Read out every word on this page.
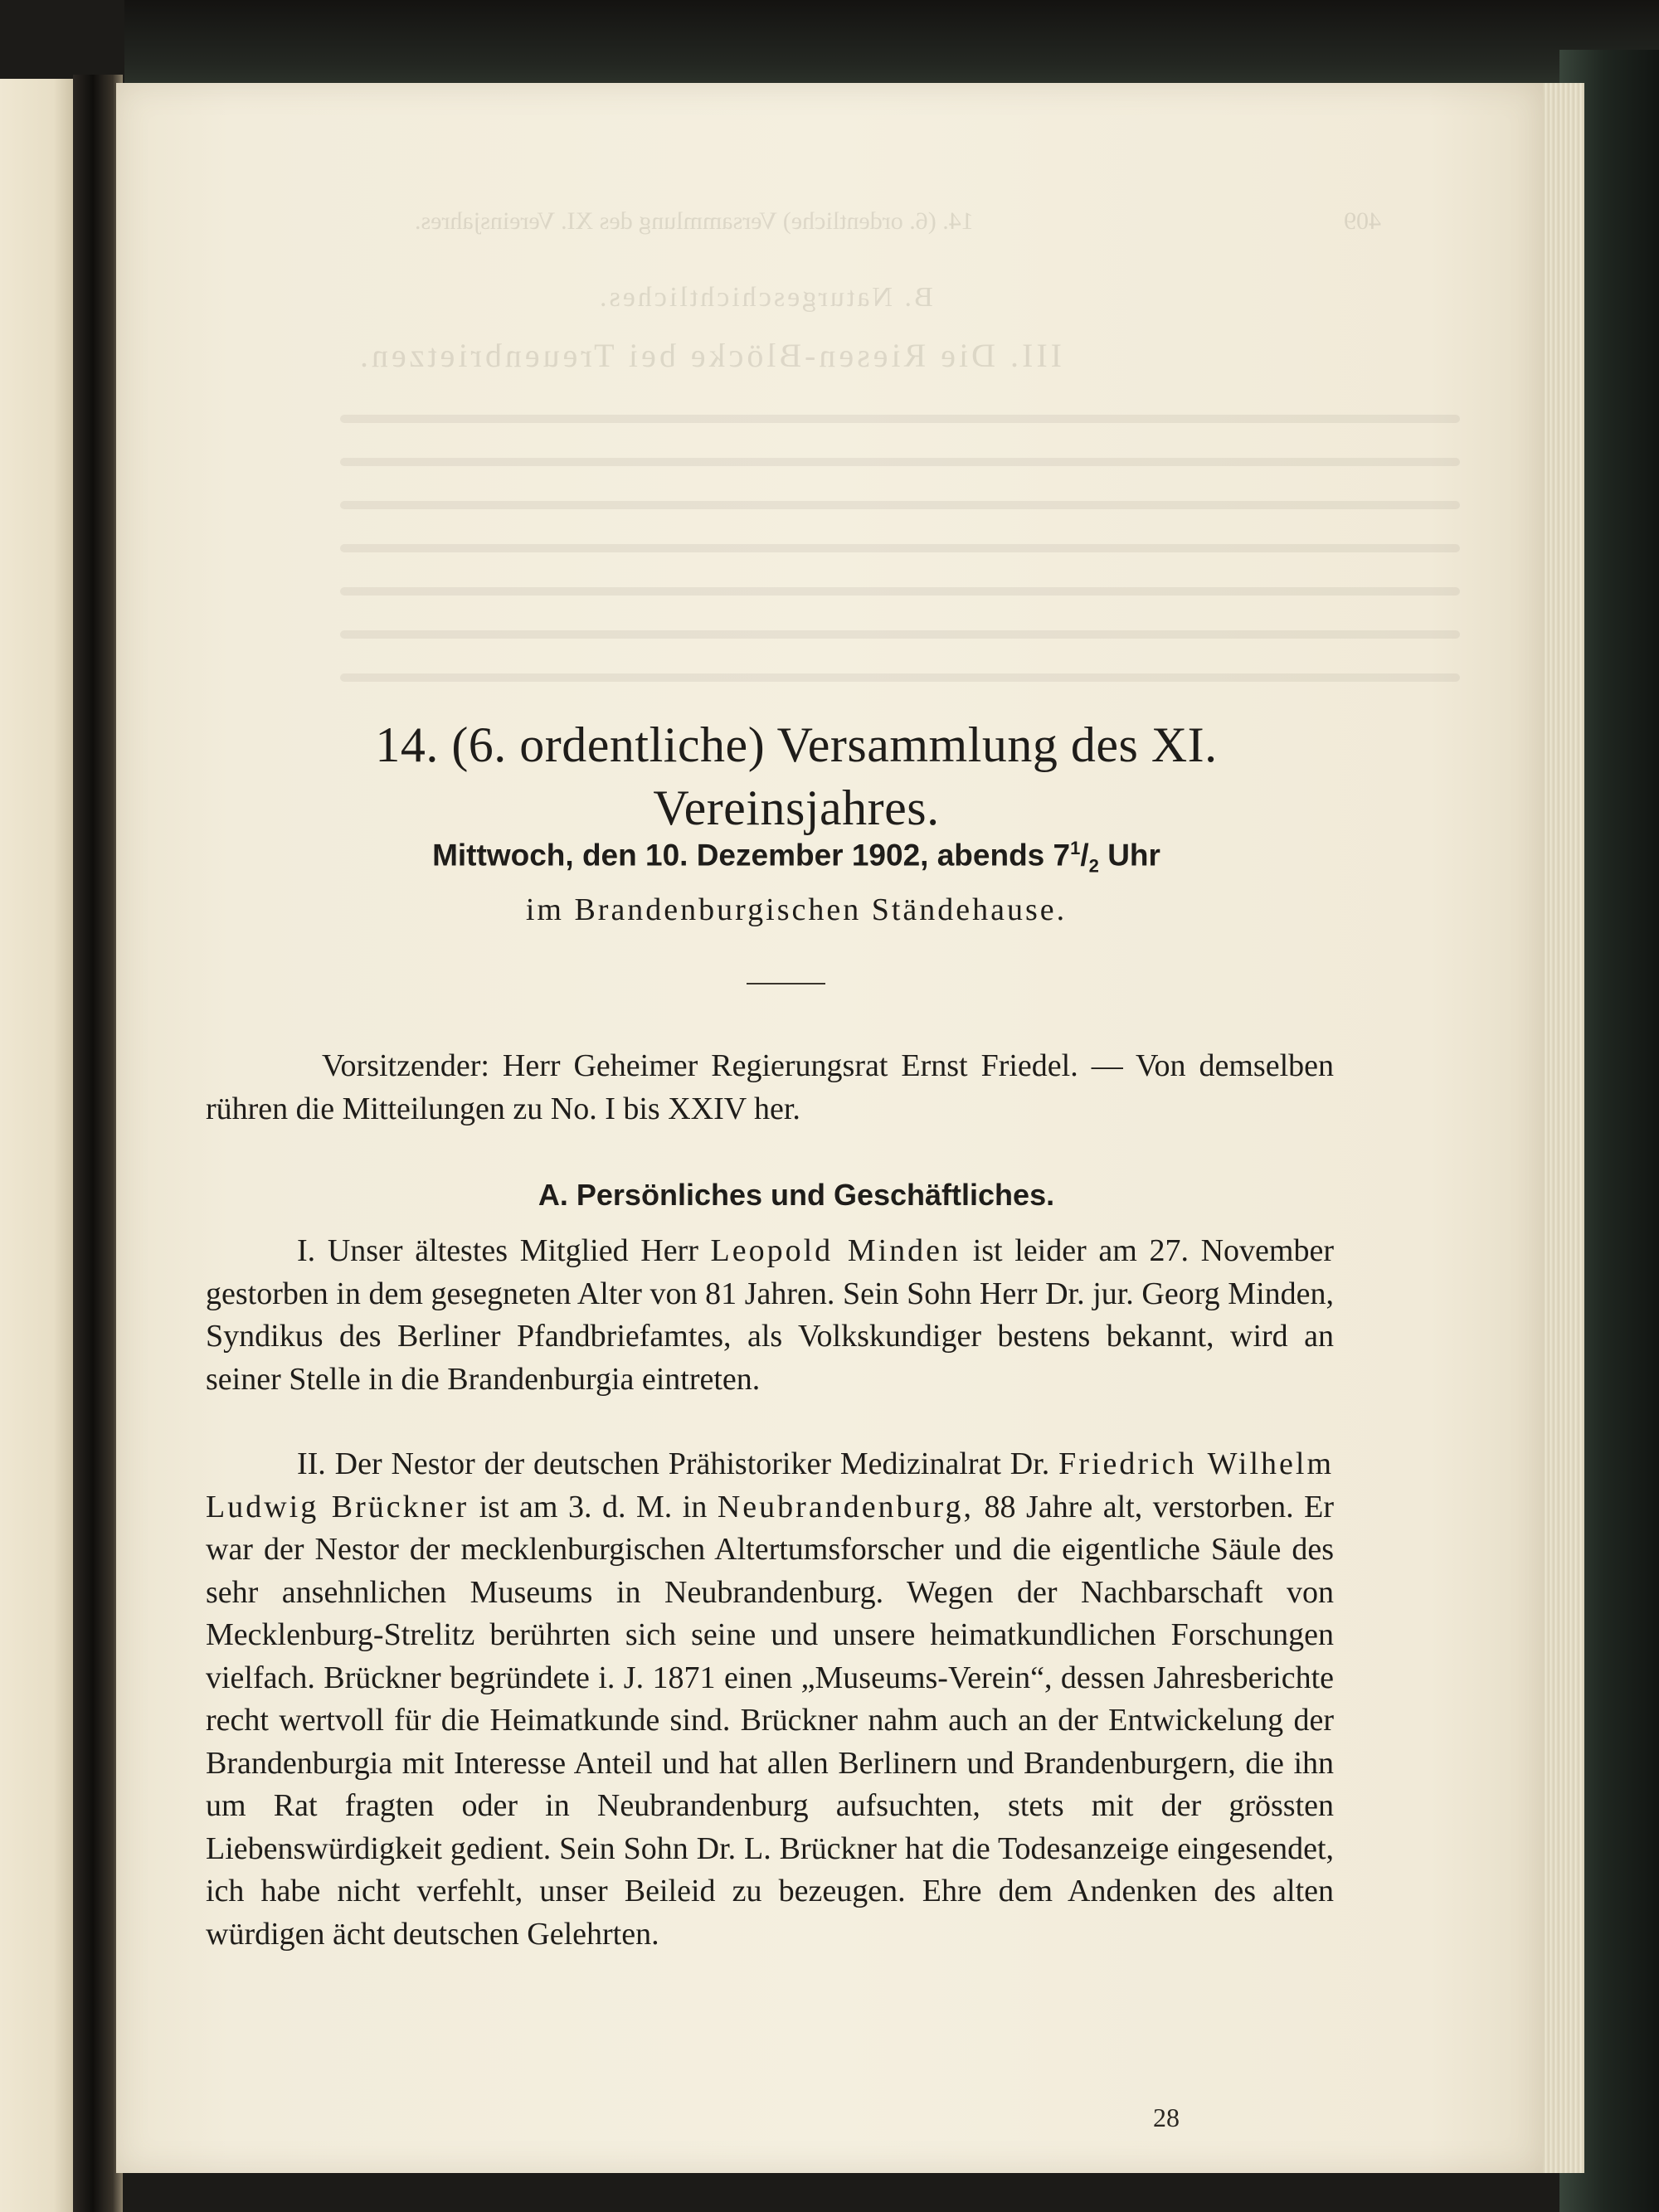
14. (6. ordentliche) Versammlung des XI. Vereinsjahres.	409
B. Naturgeschichtliches.
III. Die Riesen-Blöcke bei Treuenbrietzen.
14. (6. ordentliche) Versammlung des XI. Vereinsjahres.
Mittwoch, den 10. Dezember 1902, abends $7^1/_2$ Uhr
im Brandenburgischen Ständehause.
Vorsitzender: Herr Geheimer Regierungsrat Ernst Friedel. — Von demselben rühren die Mitteilungen zu No. I bis XXIV her.
A. Persönliches und Geschäftliches.
I. Unser ältestes Mitglied Herr Leopold Minden ist leider am 27. November gestorben in dem gesegneten Alter von 81 Jahren. Sein Sohn Herr Dr. jur. Georg Minden, Syndikus des Berliner Pfandbriefamtes, als Volkskundiger bestens bekannt, wird an seiner Stelle in die Brandenburgia eintreten.
II. Der Nestor der deutschen Prähistoriker Medizinalrat Dr. Friedrich Wilhelm Ludwig Brückner ist am 3. d. M. in Neubrandenburg, 88 Jahre alt, verstorben. Er war der Nestor der mecklenburgischen Altertumsforscher und die eigentliche Säule des sehr ansehnlichen Museums in Neubrandenburg. Wegen der Nachbarschaft von Mecklenburg-Strelitz berührten sich seine und unsere heimatkundlichen Forschungen vielfach. Brückner begründete i. J. 1871 einen „Museums-Verein“, dessen Jahresberichte recht wertvoll für die Heimatkunde sind. Brückner nahm auch an der Entwickelung der Brandenburgia mit Interesse Anteil und hat allen Berlinern und Brandenburgern, die ihn um Rat fragten oder in Neubrandenburg aufsuchten, stets mit der grössten Liebenswürdigkeit gedient. Sein Sohn Dr. L. Brückner hat die Todesanzeige eingesendet, ich habe nicht verfehlt, unser Beileid zu bezeugen. Ehre dem Andenken des alten würdigen ächt deutschen Gelehrten.
28
